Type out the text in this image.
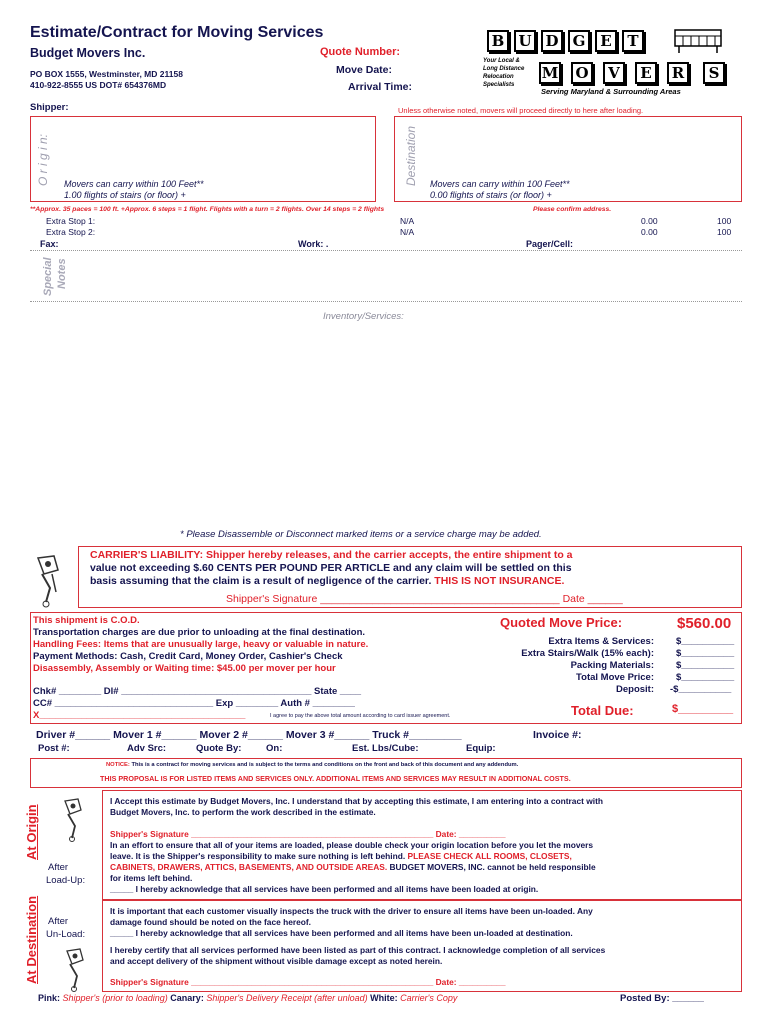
Estimate/Contract for Moving Services
Budget Movers Inc.
PO BOX 1555, Westminster, MD 21158
410-922-8555 US DOT# 654376MD
Quote Number:
Move Date:
Arrival Time:
Shipper:	Unless otherwise noted, movers will proceed directly to here after loading.
B U D G E	T
Your Local &
Long Distance
Relocation
Specialists
M O	V	E	R	S
Serving Maryland & Surrounding Areas
O r i g i n:	Destination
Movers can carry within 100 Feet**
1.00 flights of stairs (or floor) +
Movers can carry within 100 Feet**
0.00 flights of stairs (or floor) +
**Approx. 35 paces = 100 ft. +Approx. 6 steps = 1 flight. Flights with a turn = 2 flights. Over 14 steps = 2 flights	Please confirm address.
Extra Stop 1:	N/A	0.00	100
Extra Stop 2:	N/A	0.00	100
Fax:	Work: .	Pager/Cell:
Special Notes
Inventory/Services:
* Please Disassemble or Disconnect marked items or a service charge may be added.
CARRIER'S LIABILITY: Shipper hereby releases, and the carrier accepts, the entire shipment to a
value not exceeding $.60 CENTS PER POUND PER ARTICLE and any claim will be settled on this
basis assuming that the claim is a result of negligence of the carrier. THIS IS NOT INSURANCE.
Shipper's Signature _________________________________________ Date ______
This shipment is C.O.D.
Transportation charges are due prior to unloading at the final destination.
Handling Fees: Items that are unusually large, heavy or valuable in nature.
Payment Methods: Cash, Credit Card, Money Order, Cashier's Check
Disassembly, Assembly or Waiting time: $45.00 per mover per hour
Chk# ________ Dl# ____________________________________ State ____
CC# ______________________________ Exp ________ Auth # ________
X_______________________________________	I agree to pay the above total amount according to card issuer agreement.
Quoted Move Price:	$560.00
Extra Items & Services: $__________
Extra Stairs/Walk (15% each): $__________
Packing Materials: $__________
Total Move Price: $__________
Deposit: -$__________
Total Due:	$_________
Driver #______ Mover 1 #______ Mover 2 #______ Mover 3 #______ Truck #_________	Invoice #:
Post #:	Adv Src:	Quote By:	On:	Est. Lbs/Cube:	Equip:
NOTICE: This is a contract for moving services and is subject to the terms and conditions on the front and back of this document and any addendum.
THIS PROPOSAL IS FOR LISTED ITEMS AND SERVICES ONLY. ADDITIONAL ITEMS AND SERVICES MAY RESULT IN ADDITIONAL COSTS.
At Origin
After
Load-Up:
I Accept this estimate by Budget Movers, Inc. I understand that by accepting this estimate, I am entering into a contract with
Budget Movers, Inc. to perform the work described in the estimate.
Shipper's Signature ____________________________________________________ Date: __________
In an effort to ensure that all of your items are loaded, please double check your origin location before you let the movers
leave. It is the Shipper's responsibility to make sure nothing is left behind. PLEASE CHECK ALL ROOMS, CLOSETS,
CABINETS, DRAWERS, ATTICS, BASEMENTS, AND OUTSIDE AREAS. BUDGET MOVERS, INC. cannot be held responsible
for items left behind.
_____ I hereby acknowledge that all services have been performed and all items have been loaded at origin.
At Destination After
Un-Load:
It is important that each customer visually inspects the truck with the driver to ensure all items have been un-loaded. Any
damage found should be noted on the face hereof.
_____ I hereby acknowledge that all services have been performed and all items have been un-loaded at destination.
I hereby certify that all services performed have been listed as part of this contract. I acknowledge completion of all services
and accept delivery of the shipment without visible damage except as noted herein.
Shipper's Signature ____________________________________________________ Date: __________
Pink: Shipper's (prior to loading) Canary: Shipper's Delivery Receipt (after unload) White: Carrier's Copy	Posted By: ______
